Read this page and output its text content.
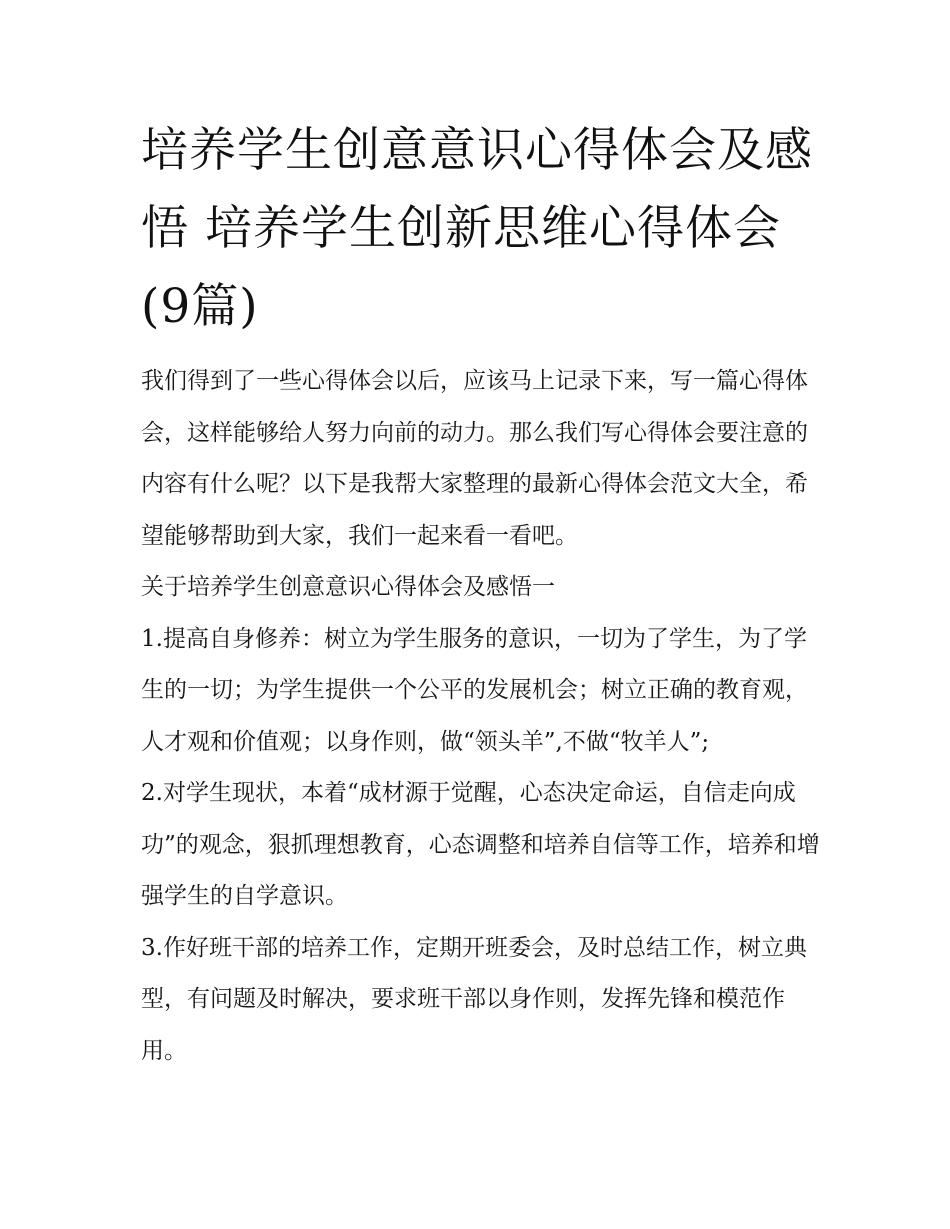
培养学生创意意识心得体会及感悟 培养学生创新思维心得体会(9篇)

我们得到了一些心得体会以后，应该马上记录下来，写一篇心得体会，这样能够给人努力向前的动力。那么我们写心得体会要注意的内容有什么呢？以下是我帮大家整理的最新心得体会范文大全，希望能够帮助到大家，我们一起来看一看吧。

关于培养学生创意意识心得体会及感悟一

1.提高自身修养：树立为学生服务的意识，一切为了学生，为了学生的一切；为学生提供一个公平的发展机会；树立正确的教育观，人才观和价值观；以身作则，做“领头羊”,不做“牧羊人”;

2.对学生现状，本着“成材源于觉醒，心态决定命运，自信走向成功”的观念，狠抓理想教育，心态调整和培养自信等工作，培养和增强学生的自学意识。

3.作好班干部的培养工作，定期开班委会，及时总结工作，树立典型，有问题及时解决，要求班干部以身作则，发挥先锋和模范作用。
